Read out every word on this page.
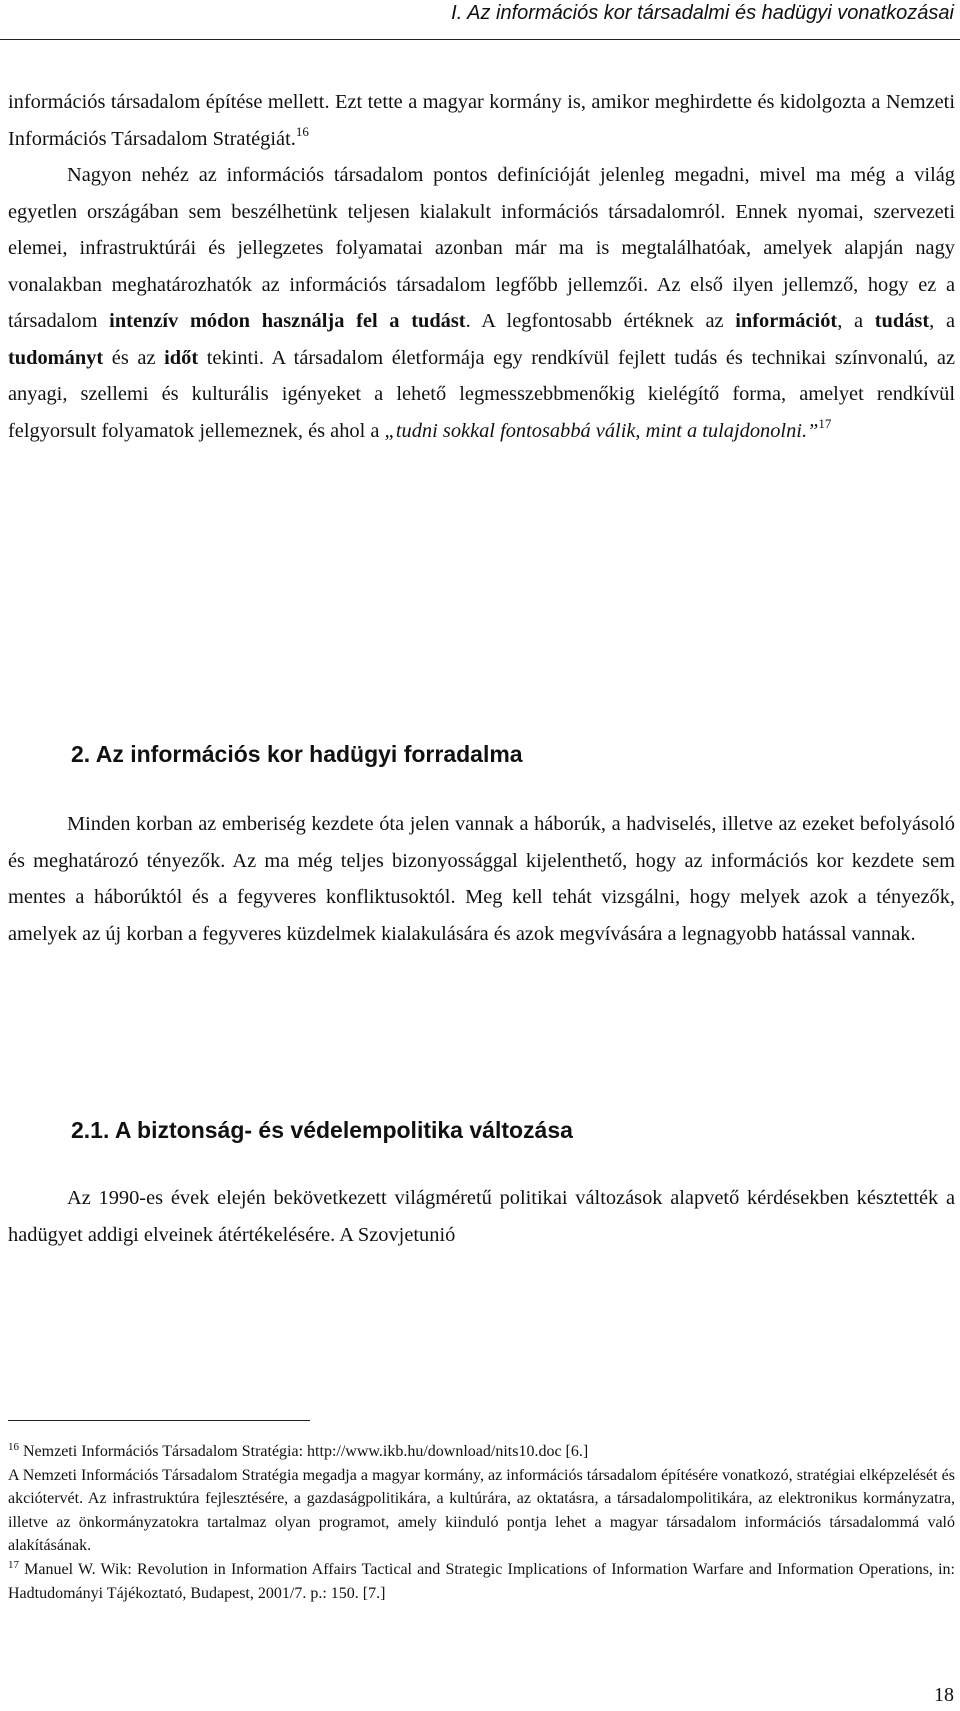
I. Az információs kor társadalmi és hadügyi vonatkozásai

információs társadalom építése mellett. Ezt tette a magyar kormány is, amikor meghirdette és kidolgozta a Nemzeti Információs Társadalom Stratégiát.$^{16}$

Nagyon nehéz az információs társadalom pontos definícióját jelenleg megadni, mivel ma még a világ egyetlen országában sem beszélhetünk teljesen kialakult információs társadalomról. Ennek nyomai, szervezeti elemei, infrastruktúrái és jellegzetes folyamatai azonban már ma is megtalálhatóak, amelyek alapján nagy vonalakban meghatározhatók az információs társadalom legfőbb jellemzői. Az első ilyen jellemző, hogy ez a társadalom intenzív módon használja fel a tudást. A legfontosabb értéknek az információt, a tudást, a tudományt és az időt tekinti. A társadalom életformája egy rendkívül fejlett tudás és technikai színvonalú, az anyagi, szellemi és kulturális igényeket a lehető legmesszebbmenőkig kielégítő forma, amelyet rendkívül felgyorsult folyamatok jellemeznek, és ahol a „tudni sokkal fontosabbá válik, mint a tulajdonolni.”$^{17}$

2. Az információs kor hadügyi forradalma

Minden korban az emberiség kezdete óta jelen vannak a háborúk, a hadviselés, illetve az ezeket befolyásoló és meghatározó tényezők. Az ma még teljes bizonyossággal kijelenthető, hogy az információs kor kezdete sem mentes a háborúktól és a fegyveres konfliktusoktól. Meg kell tehát vizsgálni, hogy melyek azok a tényezők, amelyek az új korban a fegyveres küzdelmek kialakulására és azok megvívására a legnagyobb hatással vannak.

2.1. A biztonság- és védelempolitika változása

Az 1990-es évek elején bekövetkezett világméretű politikai változások alapvető kérdésekben késztették a hadügyet addigi elveinek átértékelésére. A Szovjetunió

$^{16}$ Nemzeti Információs Társadalom Stratégia: http://www.ikb.hu/download/nits10.doc [6.]

A Nemzeti Információs Társadalom Stratégia megadja a magyar kormány, az információs társadalom építésére vonatkozó, stratégiai elképzelését és akciótervét. Az infrastruktúra fejlesztésére, a gazdaságpolitikára, a kultúrára, az oktatásra, a társadalompolitikára, az elektronikus kormányzatra, illetve az önkormányzatokra tartalmaz olyan programot, amely kiinduló pontja lehet a magyar társadalom információs társadalommá való alakításának.

$^{17}$ Manuel W. Wik: Revolution in Information Affairs Tactical and Strategic Implications of Information Warfare and Information Operations, in: Hadtudományi Tájékoztató, Budapest, 2001/7. p.: 150. [7.]

18
